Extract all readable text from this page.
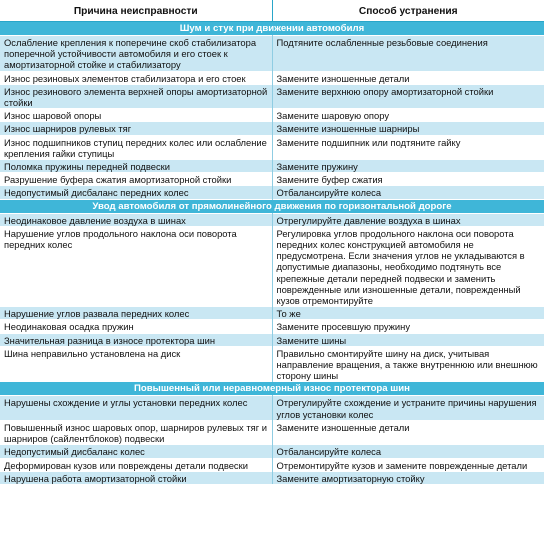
Причина неисправности	Способ устранения
Шум и стук при движении автомобиля	
Ослабление крепления к поперечине скоб стабилизатора поперечной устойчивости автомобиля и его стоек к амортизаторной стойке и стабилизатору	Подтяните ослабленные резьбовые соединения
Износ резиновых элементов стабилизатора и его стоек	Замените изношенные детали
Износ резинового элемента верхней опоры амортизаторной стойки	Замените верхнюю опору амортизаторной стойки
Износ шаровой опоры	Замените шаровую опору
Износ шарниров рулевых тяг	Замените изношенные шарниры
Износ подшипников ступиц передних колес или ослабление крепления гайки ступицы	Замените подшипник или подтяните гайку
Поломка пружины передней подвески	Замените пружину
Разрушение буфера сжатия амортизаторной стойки	Замените буфер сжатия
Недопустимый дисбаланс передних колес	Отбалансируйте колеса
Увод автомобиля от прямолинейного движения по горизонтальной дороге	
Неодинаковое давление воздуха в шинах	Отрегулируйте давление воздуха в шинах
Нарушение углов продольного наклона оси поворота передних колес	Регулировка углов продольного наклона оси поворота передних колес конструкцией автомобиля не предусмотрена. Если значения углов не укладываются в допустимые диапазоны, необходимо подтянуть все крепежные детали передней подвески и заменить поврежденные или изношенные детали, поврежденный кузов отремонтируйте
Нарушение углов развала передних колес	То же
Неодинаковая осадка пружин	Замените просевшую пружину
Значительная разница в износе протектора шин	Замените шины
Шина неправильно установлена на диск	Правильно смонтируйте шину на диск, учитывая направление вращения, а также внутреннюю или внешнюю сторону шины
Повышенный или неравномерный износ протектора шин	
Нарушены схождение и углы установки передних колес	Отрегулируйте схождение и устраните причины нарушения углов установки колес
Повышенный износ шаровых опор, шарниров рулевых тяг и шарниров (сайлентблоков) подвески	Замените изношенные детали
Недопустимый дисбаланс колес	Отбалансируйте колеса
Деформирован кузов или повреждены детали подвески	Отремонтируйте кузов и замените поврежденные детали
Нарушена работа амортизаторной стойки	Замените амортизаторную стойку
